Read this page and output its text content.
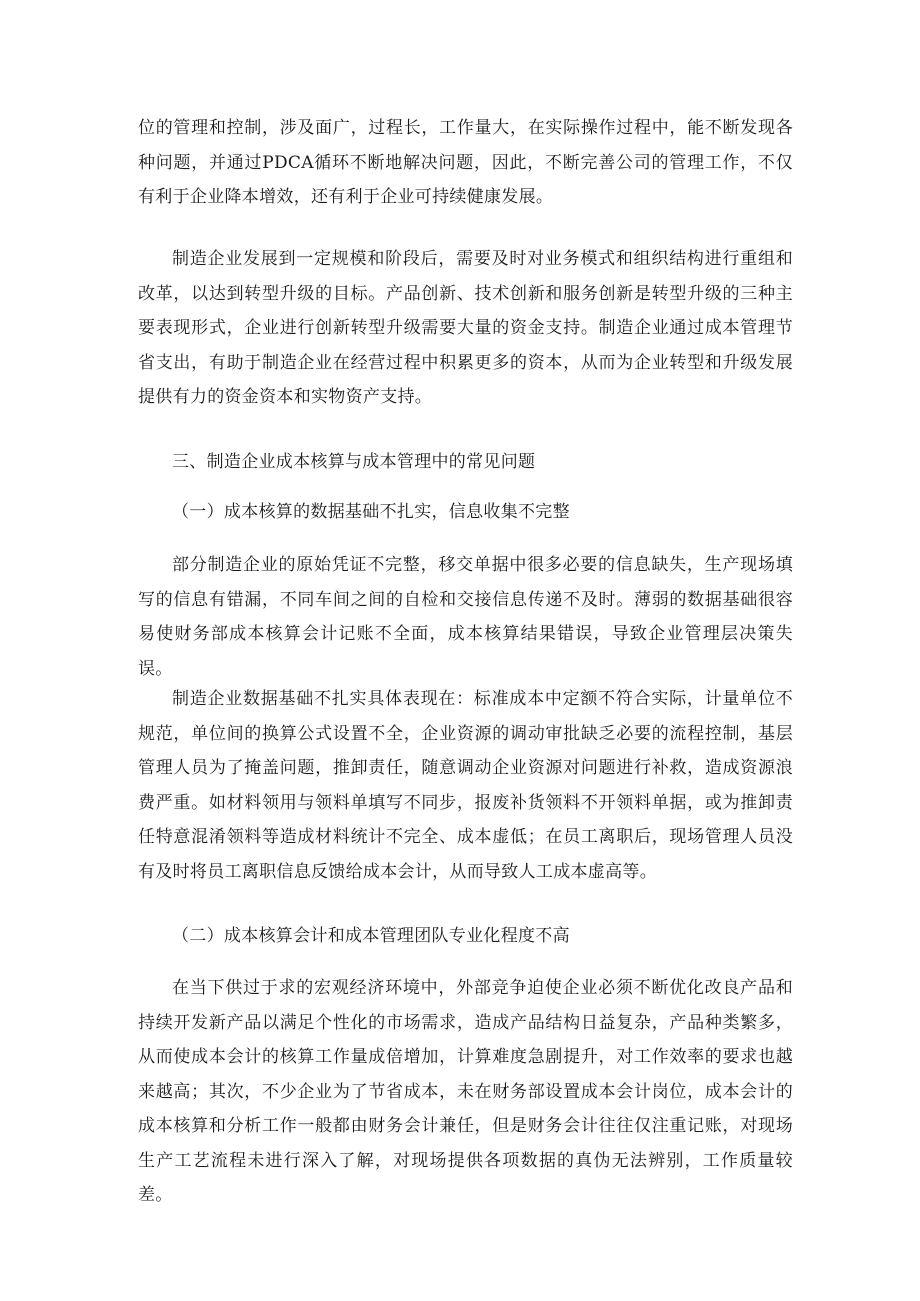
位的管理和控制，涉及面广，过程长，工作量大，在实际操作过程中，能不断发现各种问题，并通过PDCA循环不断地解决问题，因此，不断完善公司的管理工作，不仅有利于企业降本增效，还有利于企业可持续健康发展。

制造企业发展到一定规模和阶段后，需要及时对业务模式和组织结构进行重组和改革，以达到转型升级的目标。产品创新、技术创新和服务创新是转型升级的三种主要表现形式，企业进行创新转型升级需要大量的资金支持。制造企业通过成本管理节省支出，有助于制造企业在经营过程中积累更多的资本，从而为企业转型和升级发展提供有力的资金资本和实物资产支持。

三、制造企业成本核算与成本管理中的常见问题

（一）成本核算的数据基础不扎实，信息收集不完整

部分制造企业的原始凭证不完整，移交单据中很多必要的信息缺失，生产现场填写的信息有错漏，不同车间之间的自检和交接信息传递不及时。薄弱的数据基础很容易使财务部成本核算会计记账不全面，成本核算结果错误，导致企业管理层决策失误。

制造企业数据基础不扎实具体表现在：标准成本中定额不符合实际，计量单位不规范，单位间的换算公式设置不全，企业资源的调动审批缺乏必要的流程控制，基层管理人员为了掩盖问题，推卸责任，随意调动企业资源对问题进行补救，造成资源浪费严重。如材料领用与领料单填写不同步，报废补货领料不开领料单据，或为推卸责任特意混淆领料等造成材料统计不完全、成本虚低；在员工离职后，现场管理人员没有及时将员工离职信息反馈给成本会计，从而导致人工成本虚高等。

（二）成本核算会计和成本管理团队专业化程度不高

在当下供过于求的宏观经济环境中，外部竞争迫使企业必须不断优化改良产品和持续开发新产品以满足个性化的市场需求，造成产品结构日益复杂，产品种类繁多，从而使成本会计的核算工作量成倍增加，计算难度急剧提升，对工作效率的要求也越来越高；其次，不少企业为了节省成本，未在财务部设置成本会计岗位，成本会计的成本核算和分析工作一般都由财务会计兼任，但是财务会计往往仅注重记账，对现场生产工艺流程未进行深入了解，对现场提供各项数据的真伪无法辨别，工作质量较差。
